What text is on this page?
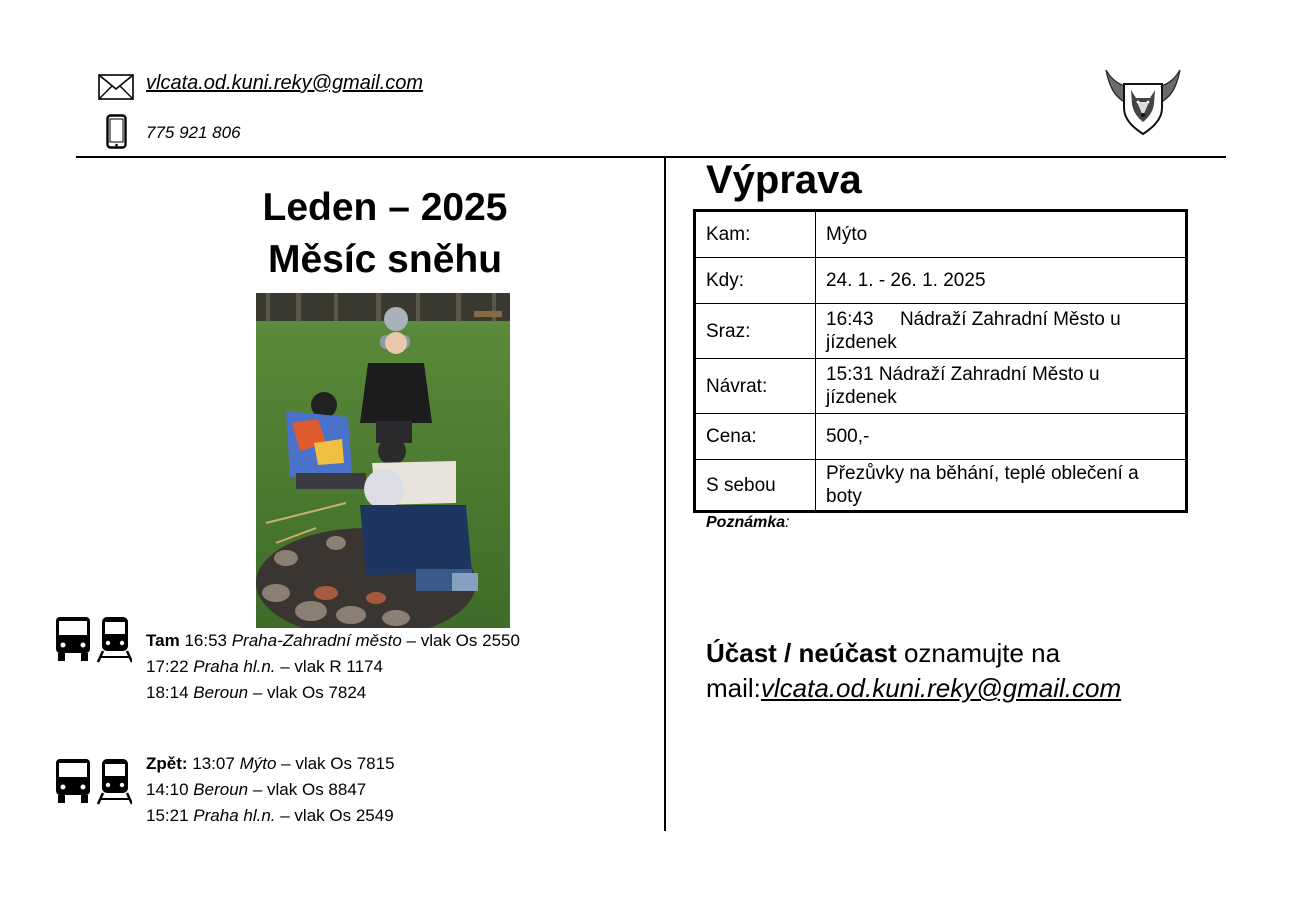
vlcata.od.kuni.reky@gmail.com
775 921 806
Leden – 2025
Měsíc sněhu
Tam 16:53 Praha-Zahradní město – vlak Os 2550
17:22 Praha hl.n. – vlak R 1174
18:14 Beroun – vlak Os 7824
Zpět: 13:07 Mýto – vlak Os 7815
14:10 Beroun – vlak Os 8847
15:21 Praha hl.n. – vlak Os 2549
Výprava
Kam:	Mýto
Kdy:	24. 1. - 26. 1. 2025
Sraz:	16:43     Nádraží Zahradní Město u jízdenek
Návrat:	15:31 Nádraží Zahradní Město u jízdenek
Cena:	500,-
S sebou	Přezůvky na běhání, teplé oblečení a boty
Poznámka:
Účast / neúčast oznamujte na
mail:vlcata.od.kuni.reky@gmail.com
